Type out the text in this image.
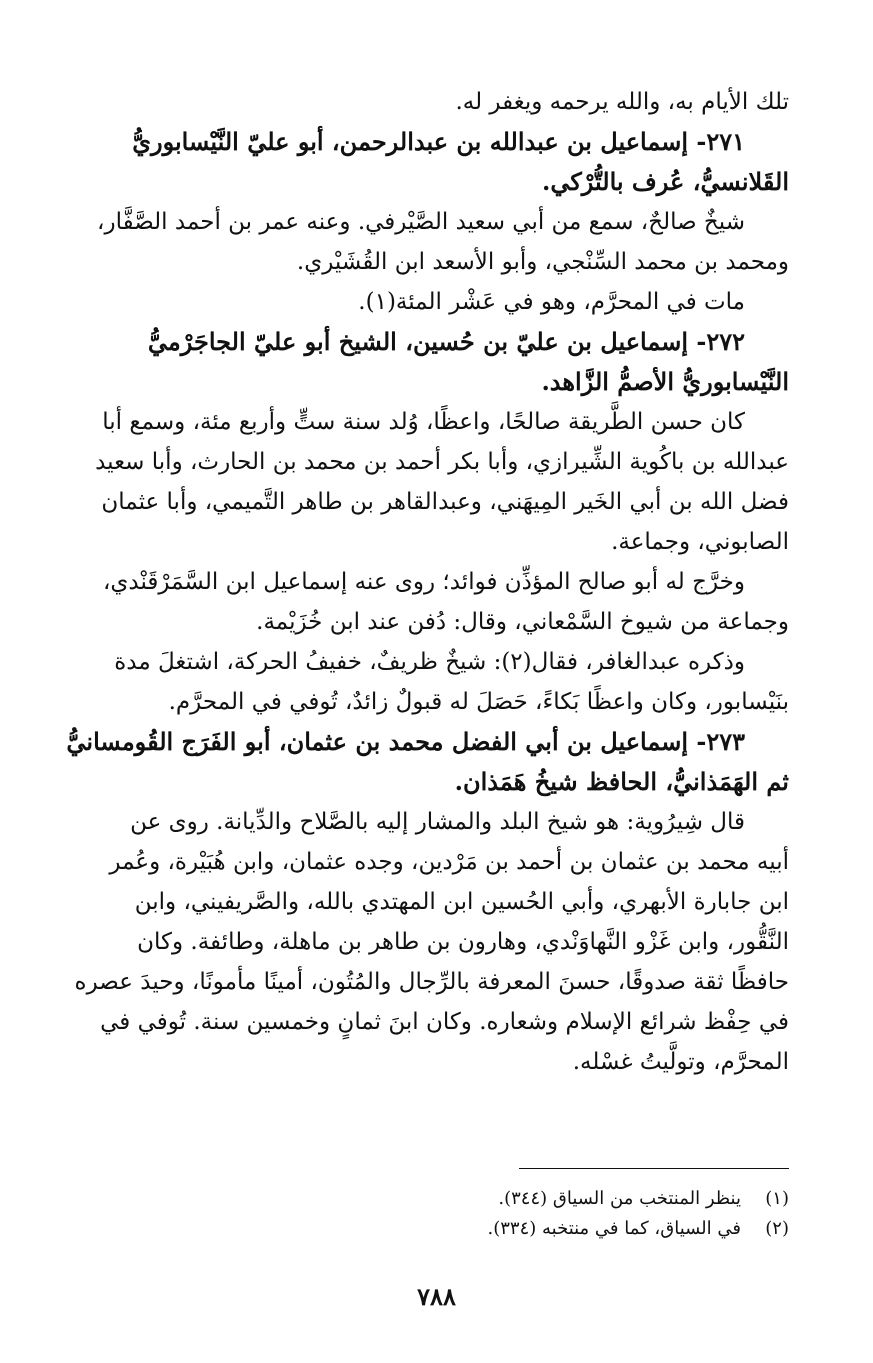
تلك الأيام به، والله يرحمه ويغفر له.
٢٧١- إسماعيل بن عبدالله بن عبدالرحمن، أبو عليّ النَّيْسابوريُّ
القَلانسيُّ، عُرف بالتُّرْكي.
شيخٌ صالحٌ، سمع من أبي سعيد الصَّيْرفي. وعنه عمر بن أحمد الصَّفَّار،
ومحمد بن محمد السِّنْجي، وأبو الأسعد ابن القُشَيْري.
مات في المحرَّم، وهو في عَشْر المئة(١).
٢٧٢- إسماعيل بن عليّ بن حُسين، الشيخ أبو عليّ الجاجَرْميُّ
النَّيْسابوريُّ الأصمُّ الزَّاهد.
كان حسن الطَّريقة صالحًا، واعظًا، وُلد سنة ستٍّ وأربع مئة، وسمع أبا
عبدالله بن باكُوية الشِّيرازي، وأبا بكر أحمد بن محمد بن الحارث، وأبا سعيد
فضل الله بن أبي الخَير المِيهَني، وعبدالقاهر بن طاهر التَّميمي، وأبا عثمان
الصابوني، وجماعة.
وخرَّج له أبو صالح المؤذِّن فوائد؛ روى عنه إسماعيل ابن السَّمَرْقَنْدي،
وجماعة من شيوخ السَّمْعاني، وقال: دُفن عند ابن خُزَيْمة.
وذكره عبدالغافر، فقال(٢): شيخٌ ظريفٌ، خفيفُ الحركة، اشتغلَ مدة
بنَيْسابور، وكان واعظًا بَكاءً، حَصَلَ له قبولٌ زائدٌ، تُوفي في المحرَّم.
٢٧٣- إسماعيل بن أبي الفضل محمد بن عثمان، أبو الفَرَج القُومسانيُّ
ثم الهَمَذانيُّ، الحافظ شيخُ هَمَذان.
قال شِيرُوية: هو شيخ البلد والمشار إليه بالصَّلاح والدِّيانة. روى عن
أبيه محمد بن عثمان بن أحمد بن مَرْدين، وجده عثمان، وابن هُبَيْرة، وعُمر
ابن جابارة الأبهري، وأبي الحُسين ابن المهتدي بالله، والصَّريفيني، وابن
النَّقُّور، وابن غَزْو النَّهاوَنْدي، وهارون بن طاهر بن ماهلة، وطائفة. وكان
حافظًا ثقة صدوقًا، حسنَ المعرفة بالرِّجال والمُتُون، أمينًا مأمونًا، وحيدَ عصره
في حِفْظ شرائع الإسلام وشعاره. وكان ابنَ ثمانٍ وخمسين سنة. تُوفي في
المحرَّم، وتولَّيتُ غسْله.
(١)ينظر المنتخب من السياق (٣٤٤).
(٢)في السياق، كما في منتخبه (٣٣٤).
٧٨٨
